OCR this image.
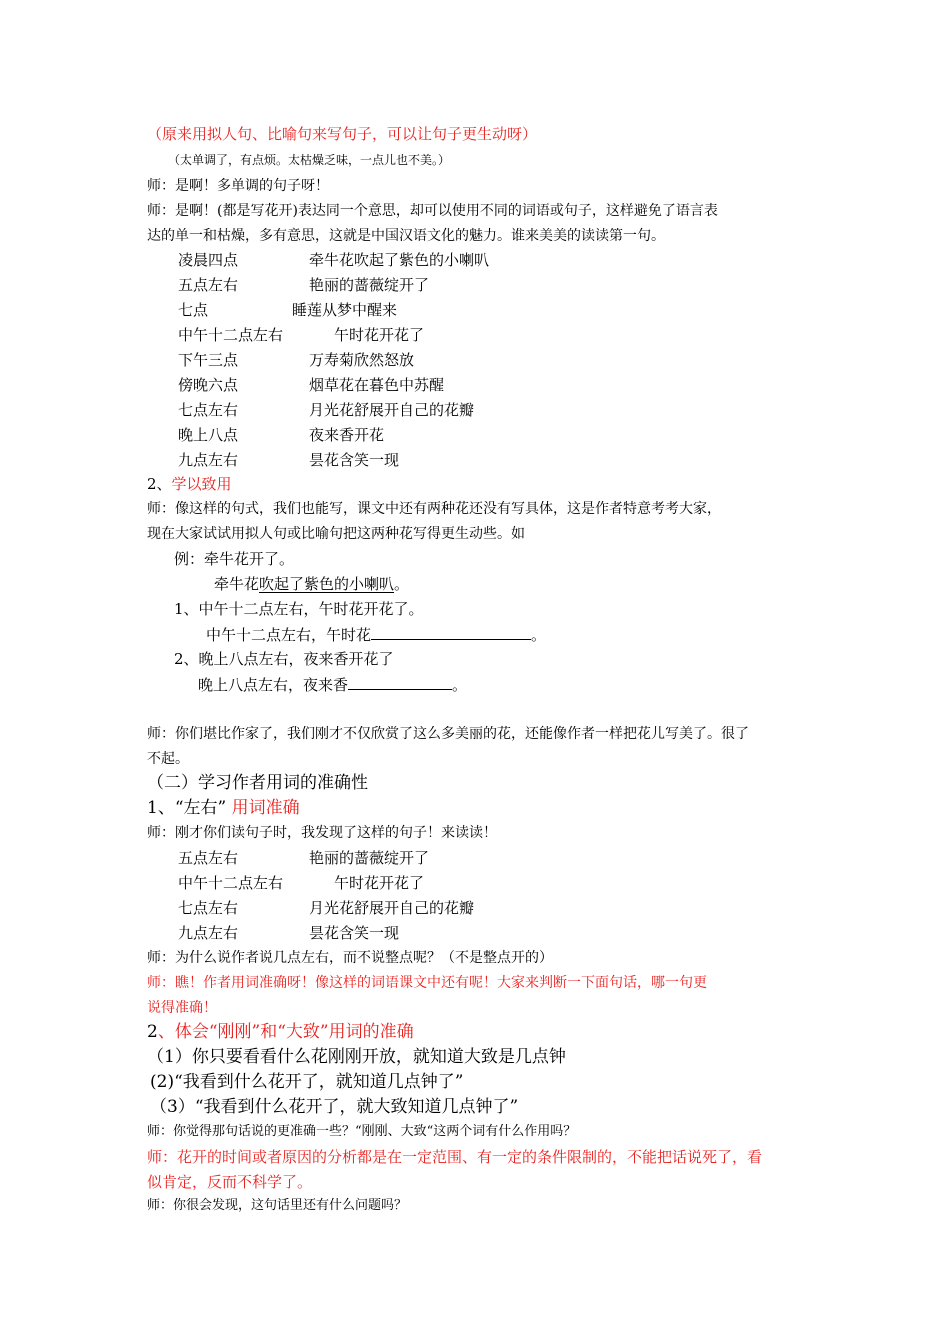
（原来用拟人句、比喻句来写句子，可以让句子更生动呀）
（太单调了，有点烦。太枯燥乏味，一点儿也不美。）
师：是啊！多单调的句子呀！
师：是啊！(都是写花开)表达同一个意思，却可以使用不同的词语或句子，这样避免了语言表
达的单一和枯燥，多有意思，这就是中国汉语文化的魅力。谁来美美的读读第一句。
凌晨四点	牵牛花吹起了紫色的小喇叭
五点左右	艳丽的蔷薇绽开了
七点	睡莲从梦中醒来
中午十二点左右	午时花开花了
下午三点	万寿菊欣然怒放
傍晚六点	烟草花在暮色中苏醒
七点左右	月光花舒展开自己的花瓣
晚上八点	夜来香开花
九点左右	昙花含笑一现
2、学以致用
师：像这样的句式，我们也能写，课文中还有两种花还没有写具体，这是作者特意考考大家，
现在大家试试用拟人句或比喻句把这两种花写得更生动些。如
例：牵牛花开了。
牵牛花吹起了紫色的小喇叭。
1、中午十二点左右，午时花开花了。
中午十二点左右，午时花	。
2、晚上八点左右，夜来香开花了
晚上八点左右，夜来香	。
师：你们堪比作家了，我们刚才不仅欣赏了这么多美丽的花，还能像作者一样把花儿写美了。很了
不起。
（二）学习作者用词的准确性
1、“左右” 用词准确
师：刚才你们读句子时，我发现了这样的句子！来读读！
五点左右	艳丽的蔷薇绽开了
中午十二点左右	午时花开花了
七点左右	月光花舒展开自己的花瓣
九点左右	昙花含笑一现
师：为什么说作者说几点左右，而不说整点呢？（不是整点开的）
师：瞧！作者用词准确呀！像这样的词语课文中还有呢！大家来判断一下面句话，哪一句更
说得准确！
2、体会“刚刚”和“大致”用词的准确
（1）你只要看看什么花刚刚开放，就知道大致是几点钟
(2)“我看到什么花开了，就知道几点钟了”
（3）“我看到什么花开了，就大致知道几点钟了”
师：你觉得那句话说的更准确一些？“刚刚、大致“这两个词有什么作用吗？
师：花开的时间或者原因的分析都是在一定范围、有一定的条件限制的，不能把话说死了，看
似肯定，反而不科学了。
师：你很会发现，这句话里还有什么问题吗？
